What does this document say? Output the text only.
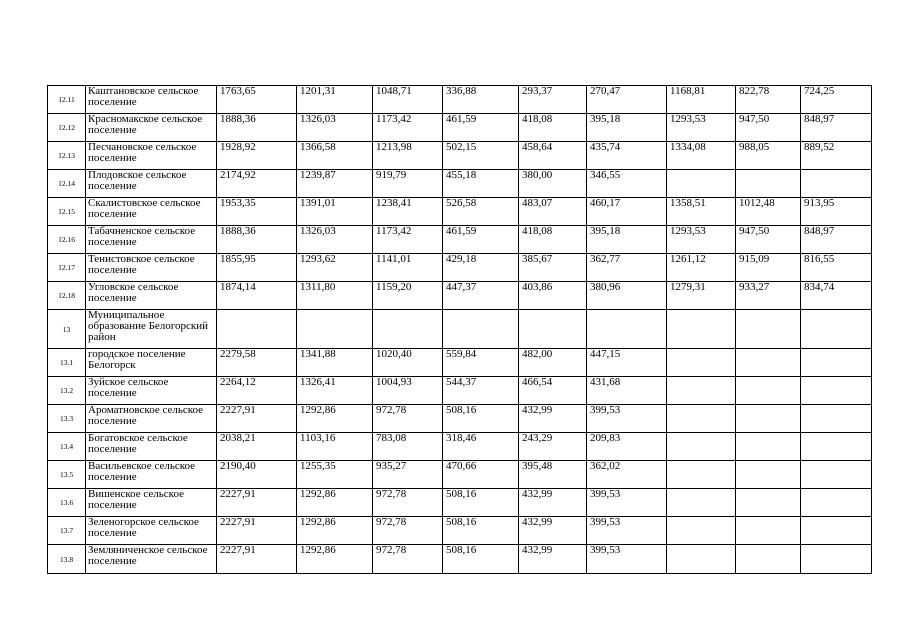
12.11	Каштановское сельское поселение	1763,65	1201,31	1048,71	336,88	293,37	270,47	1168,81	822,78	724,25
12.12	Красномакское сельское поселение	1888,36	1326,03	1173,42	461,59	418,08	395,18	1293,53	947,50	848,97
12.13	Песчановское сельское поселение	1928,92	1366,58	1213,98	502,15	458,64	435,74	1334,08	988,05	889,52
12.14	Плодовское сельское поселение	2174,92	1239,87	919,79	455,18	380,00	346,55			
12.15	Скалистовское сельское поселение	1953,35	1391,01	1238,41	526,58	483,07	460,17	1358,51	1012,48	913,95
12.16	Табачненское сельское поселение	1888,36	1326,03	1173,42	461,59	418,08	395,18	1293,53	947,50	848,97
12.17	Тенистовское сельское поселение	1855,95	1293,62	1141,01	429,18	385,67	362,77	1261,12	915,09	816,55
12.18	Угловское сельское поселение	1874,14	1311,80	1159,20	447,37	403,86	380,96	1279,31	933,27	834,74
13	Муниципальное образование Белогорский район									
13.1	городское поселение Белогорск	2279,58	1341,88	1020,40	559,84	482,00	447,15			
13.2	Зуйское сельское поселение	2264,12	1326,41	1004,93	544,37	466,54	431,68			
13.3	Ароматновское сельское поселение	2227,91	1292,86	972,78	508,16	432,99	399,53			
13.4	Богатовское сельское поселение	2038,21	1103,16	783,08	318,46	243,29	209,83			
13.5	Васильевское сельское поселение	2190,40	1255,35	935,27	470,66	395,48	362,02			
13.6	Вишенское сельское поселение	2227,91	1292,86	972,78	508,16	432,99	399,53			
13.7	Зеленогорское сельское поселение	2227,91	1292,86	972,78	508,16	432,99	399,53			
13.8	Земляниченское сельское поселение	2227,91	1292,86	972,78	508,16	432,99	399,53			
